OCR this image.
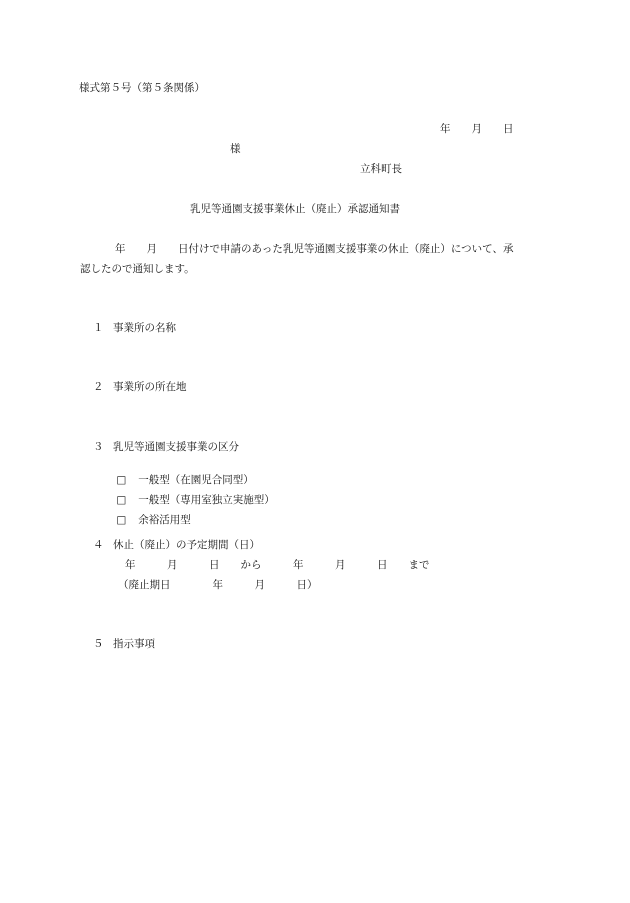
様式第５号（第５条関係）
年　　月　　日
様
立科町長
乳児等通園支援事業休止（廃止）承認通知書
年　　月　　日付けで申請のあった乳児等通園支援事業の休止（廃止）について、承
認したので通知します。
１ 事業所の名称
２ 事業所の所在地
３ 乳児等通園支援事業の区分

□ 一般型（在園児合同型）

□ 一般型（専用室独立実施型）

□ 余裕活用型

４ 休止（廃止）の予定期間（日）
年　　　月　　　日　　から　　　年　　　月　　　日　　まで
（廃止期日　　　　年　　　月　　　日）
５ 指示事項
